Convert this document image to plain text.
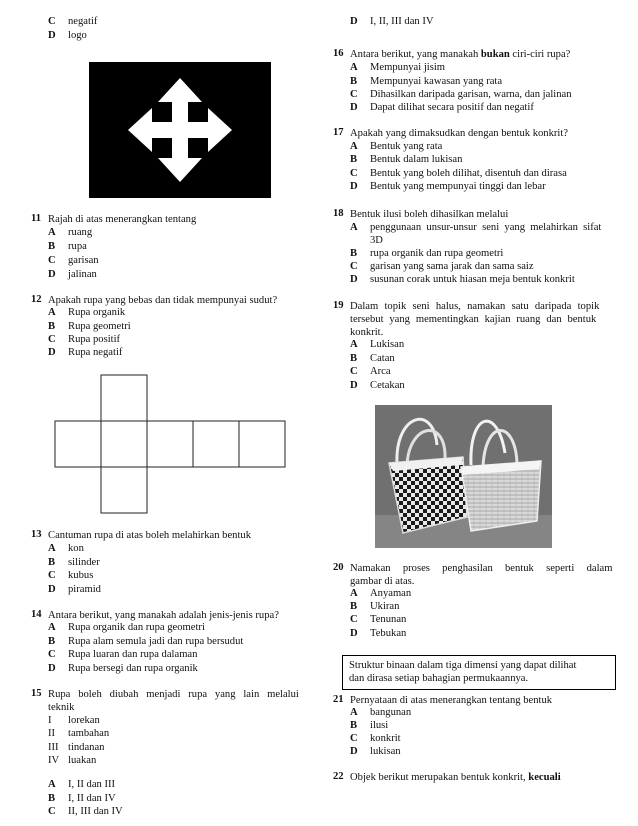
C	negatif
D	logo
11 Rajah di atas menerangkan tentang
A	ruang
B	rupa
C	garisan
D	jalinan
12 Apakah rupa yang bebas dan tidak mempunyai sudut?
A	Rupa organik
B	Rupa geometri
C	Rupa positif
D	Rupa negatif
13 Cantuman rupa di atas boleh melahirkan bentuk
A	kon
B	silinder
C	kubus
D	piramid
14 Antara berikut, yang manakah adalah jenis-jenis rupa?
A	Rupa organik dan rupa geometri
B	Rupa alam semula jadi dan rupa bersudut
C	Rupa luaran dan rupa dalaman
D	Rupa bersegi dan rupa organik
15 Rupa boleh diubah menjadi rupa yang lain melalui
teknik
I lorekan
II tambahan
III tindanan
IV luakan
A	I, II dan III
B	I, II dan IV
C	II, III dan IV
D	I, II, III dan IV
16 Antara berikut, yang manakah bukan ciri-ciri rupa?
A	Mempunyai jisim
B	Mempunyai kawasan yang rata
C	Dihasilkan daripada garisan, warna, dan jalinan
D	Dapat dilihat secara positif dan negatif
17 Apakah yang dimaksudkan dengan bentuk konkrit?
A	Bentuk yang rata
B	Bentuk dalam lukisan
C	Bentuk yang boleh dilihat, disentuh dan dirasa
D	Bentuk yang mempunyai tinggi dan lebar
18 Bentuk ilusi boleh dihasilkan melalui
A	penggunaan unsur-unsur seni yang melahirkan sifat
3D
B	rupa organik dan rupa geometri
C	garisan yang sama jarak dan sama saiz
D	susunan corak untuk hiasan meja bentuk konkrit
19 Dalam topik seni halus, namakan satu daripada topik
tersebut yang mementingkan kajian ruang dan bentuk
konkrit.
A	Lukisan
B	Catan
C	Arca
D	Cetakan
20 Namakan proses penghasilan bentuk seperti dalam
gambar di atas.
A	Anyaman
B	Ukiran
C	Tenunan
D	Tebukan
Struktur binaan dalam tiga dimensi yang dapat dilihat
dan dirasa setiap bahagian permukaannya.
21 Pernyataan di atas menerangkan tentang bentuk
A	bangunan
B	ilusi
C	konkrit
D	lukisan
22 Objek berikut merupakan bentuk konkrit, kecuali
